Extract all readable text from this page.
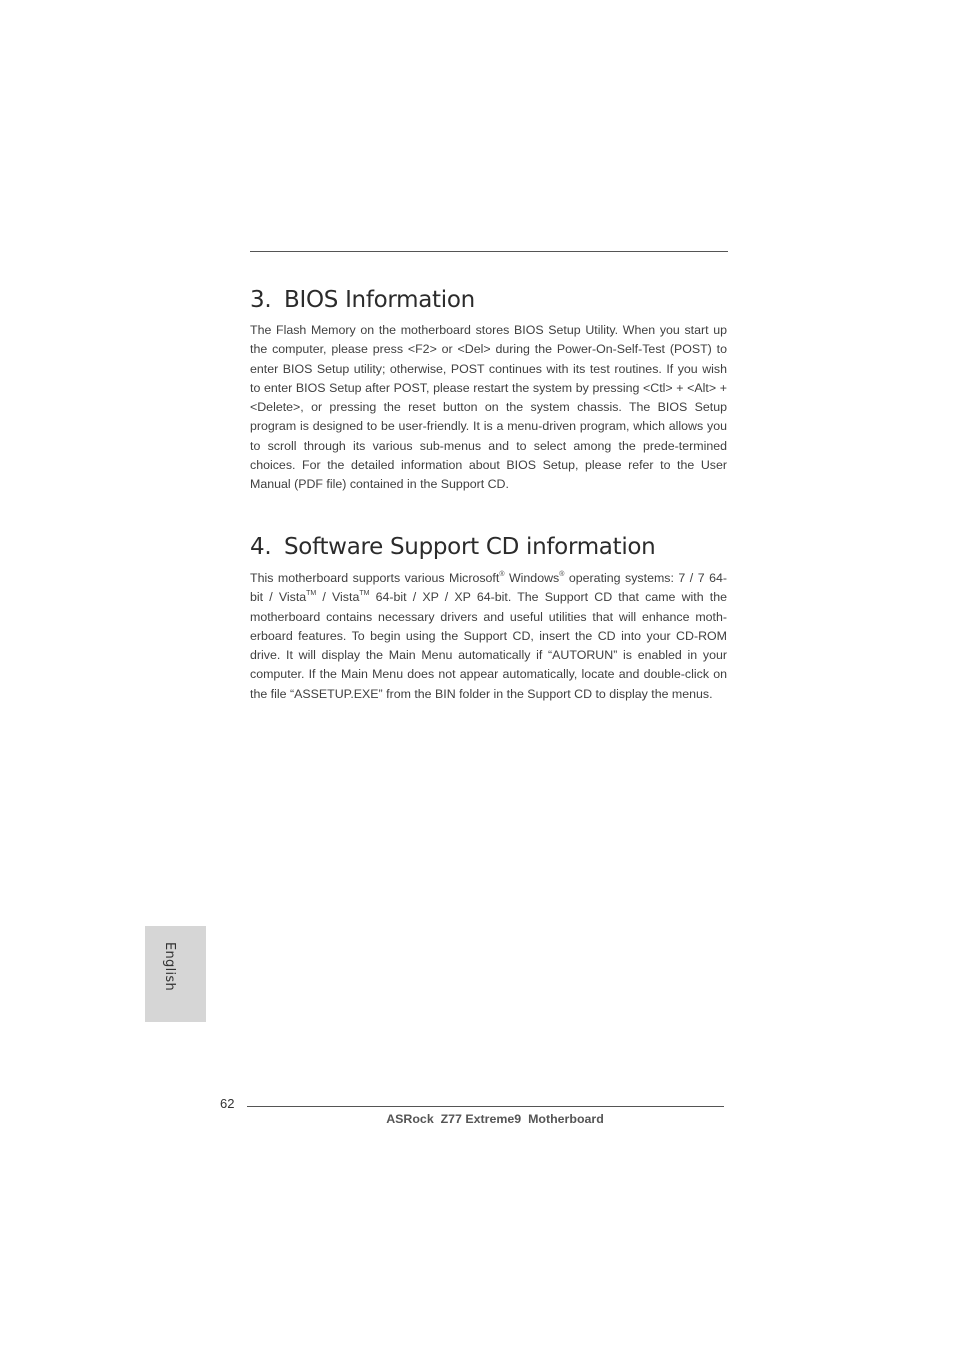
3. BIOS Information

The Flash Memory on the motherboard stores BIOS Setup Utility. When you start up the computer, please press <F2> or <Del> during the Power-On-Self-Test (POST) to enter BIOS Setup utility; otherwise, POST continues with its test routines. If you wish to enter BIOS Setup after POST, please restart the system by pressing <Ctl> + <Alt> + <Delete>, or pressing the reset button on the system chassis. The BIOS Setup program is designed to be user-friendly. It is a menu-driven program, which allows you to scroll through its various sub-menus and to select among the prede-termined choices. For the detailed information about BIOS Setup, please refer to the User Manual (PDF file) contained in the Support CD.

4. Software Support CD information

This motherboard supports various Microsoft® Windows® operating systems: 7 / 7 64-bit / Vista™ / Vista™ 64-bit / XP / XP 64-bit. The Support CD that came with the motherboard contains necessary drivers and useful utilities that will enhance moth-erboard features. To begin using the Support CD, insert the CD into your CD-ROM drive. It will display the Main Menu automatically if “AUTORUN” is enabled in your computer. If the Main Menu does not appear automatically, locate and double-click on the file “ASSETUP.EXE” from the BIN folder in the Support CD to display the menus.

English
62
ASRock  Z77 Extreme9  Motherboard
